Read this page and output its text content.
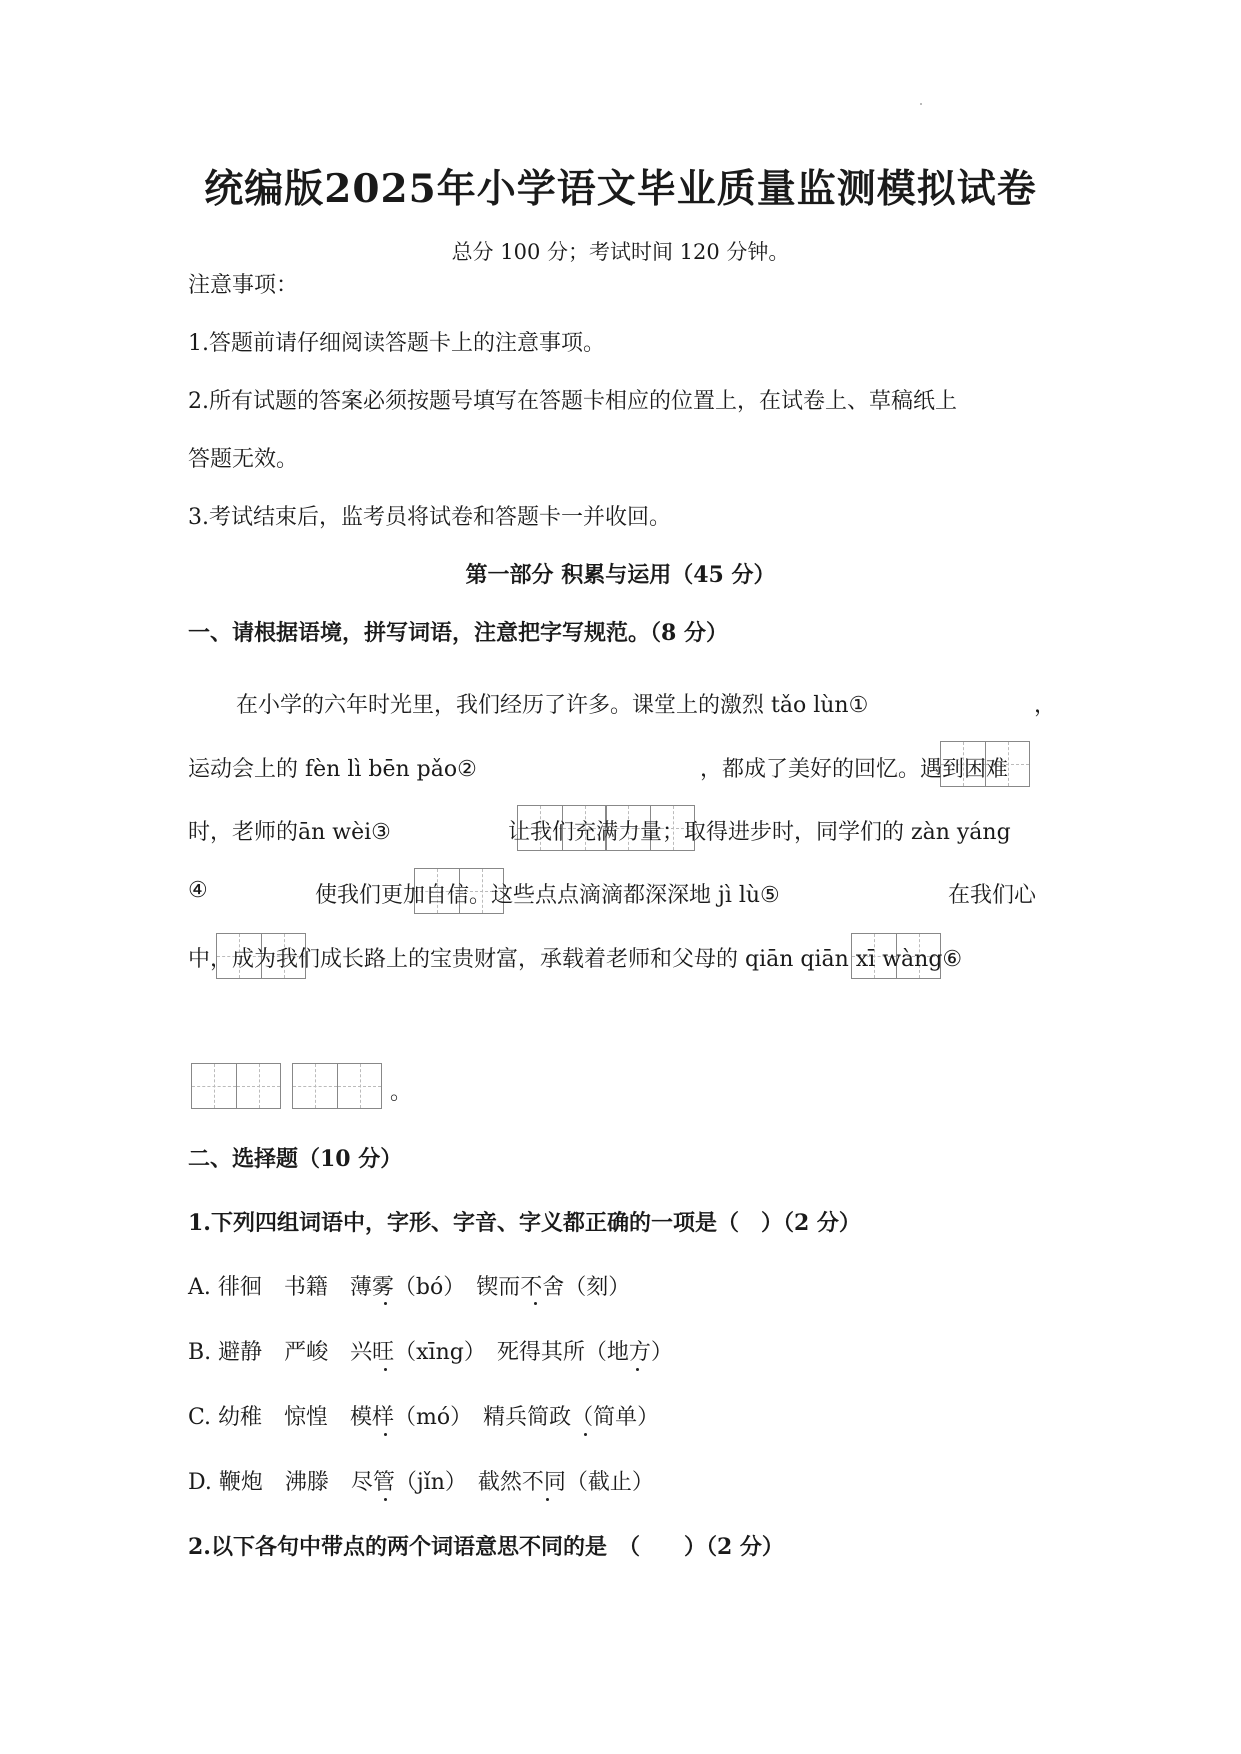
统编版2025年小学语文毕业质量监测模拟试卷
总分 100 分；考试时间 120 分钟。
注意事项：
1.答题前请仔细阅读答题卡上的注意事项。
2.所有试题的答案必须按题号填写在答题卡相应的位置上，在试卷上、草稿纸上
答题无效。
3.考试结束后，监考员将试卷和答题卡一并收回。
第一部分 积累与运用（45 分）
一、请根据语境，拼写词语，注意把字写规范。（8 分）
在小学的六年时光里，我们经历了许多。课堂上的激烈 tǎo lùn①	，
运动会上的 fèn lì bēn pǎo②	，都成了美好的回忆。遇到困难
时，老师的ān wèi③	让我们充满力量；取得进步时，同学们的 zàn yáng
④	使我们更加自信。这些点点滴滴都深深地 jì lù⑤	在我们心
中，成为我们成长路上的宝贵财富，承载着老师和父母的 qiān qiān xī wàng⑥
。
二、选择题（10 分）
1.下列四组词语中，字形、字音、字义都正确的一项是（　）（2 分）
A. 徘徊　书籍　薄雾（bó）　锲而不舍（刻）
B. 避静　严峻　兴旺（xīng）　死得其所（地方）
C. 幼稚　惊惶　模样（mó）　精兵简政（简单）
D. 鞭炮　沸滕　尽管（jǐn）　截然不同（截止）
2.以下各句中带点的两个词语意思不同的是　（　　）（2 分）
